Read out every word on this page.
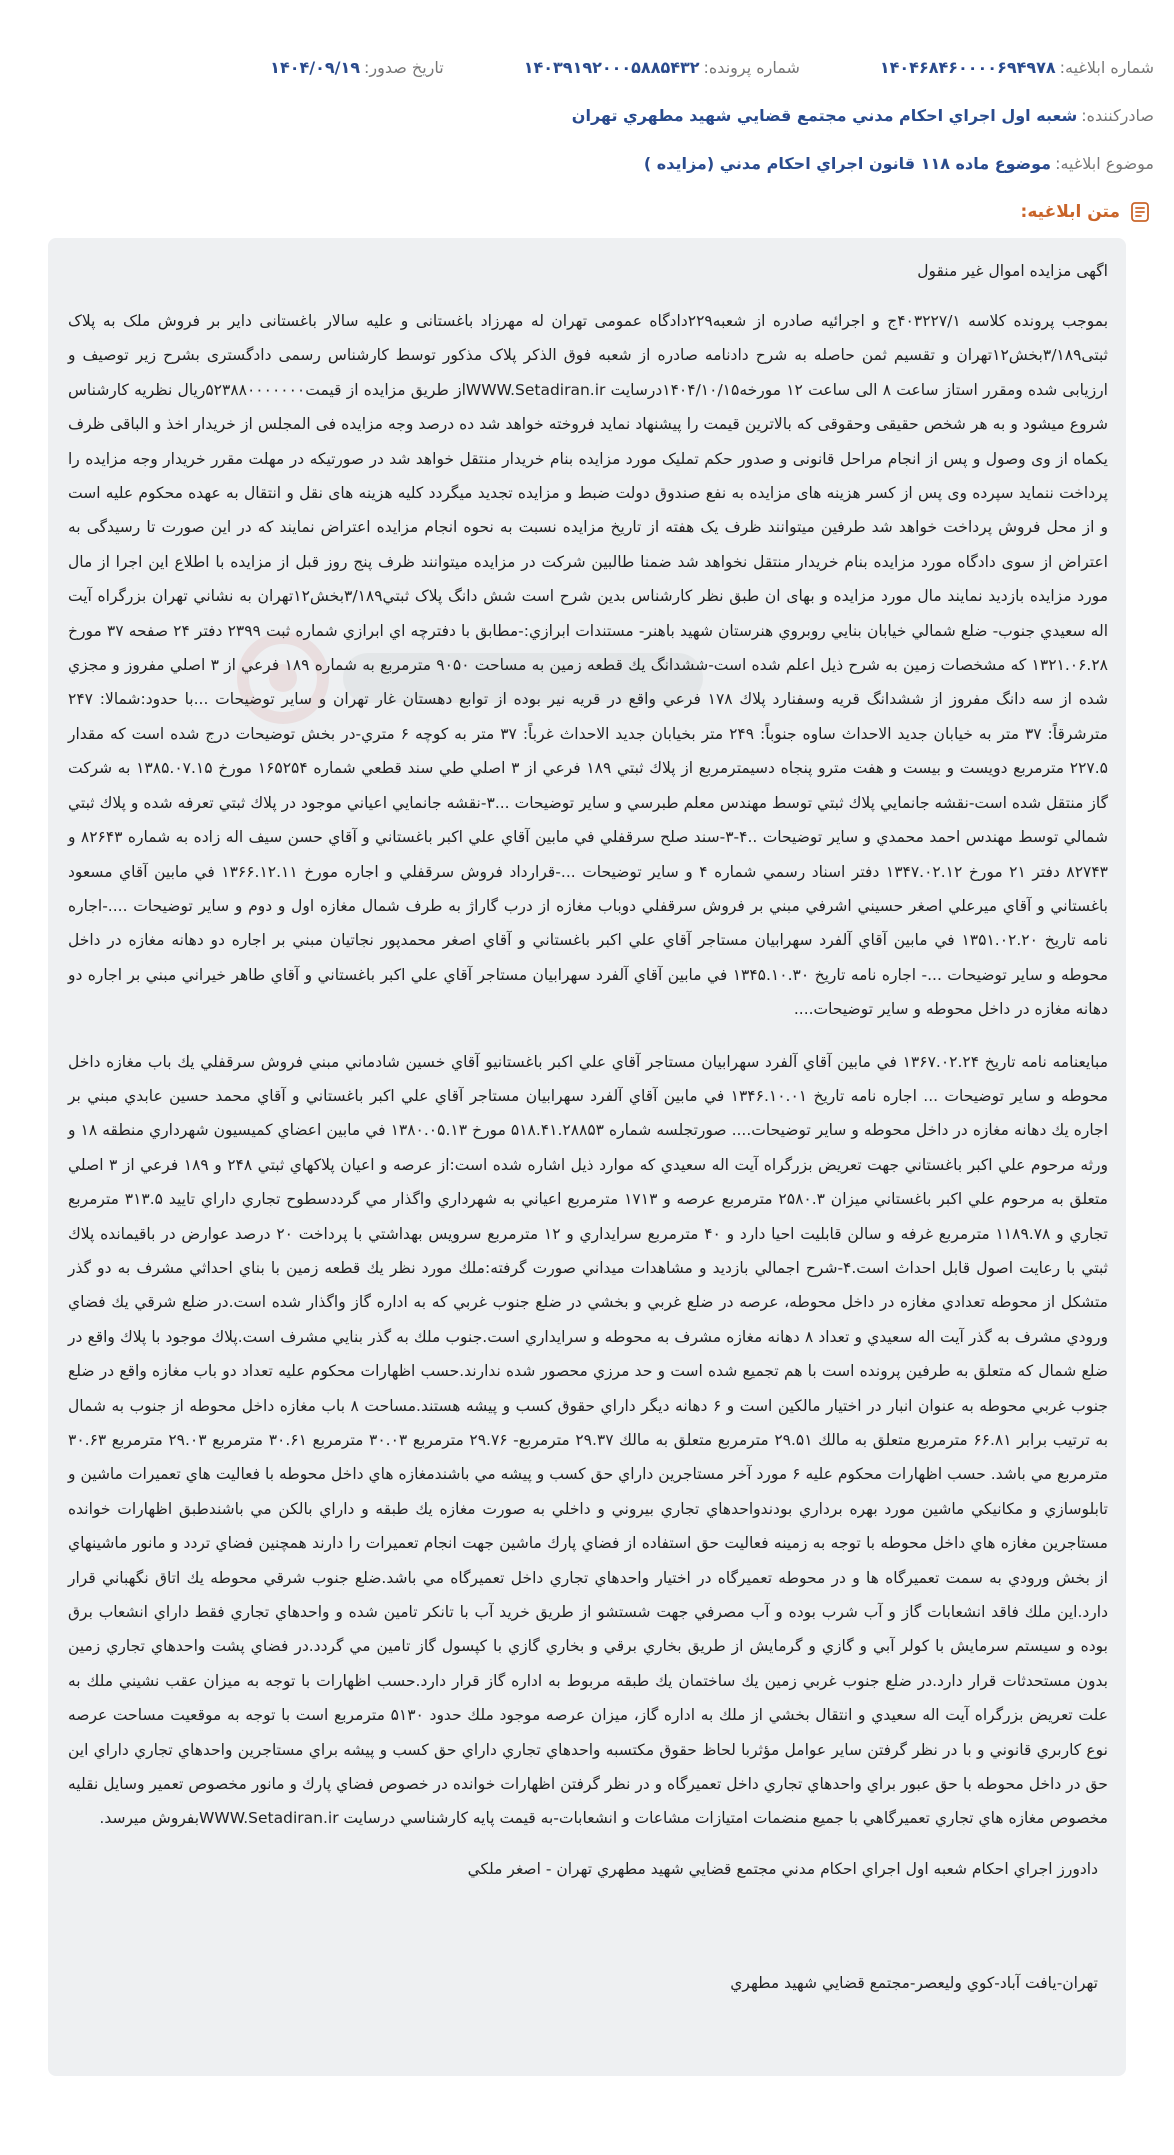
شماره ابلاغيه:
۱۴۰۴۶۸۴۶۰۰۰۰۶۹۴۹۷۸
شماره پرونده:
۱۴۰۳۹۱۹۲۰۰۰۵۸۸۵۴۳۲
تاريخ صدور:
۱۴۰۴/۰۹/۱۹
صادرکننده:
شعبه اول اجراي احكام مدني مجتمع قضايي شهيد مطهري تهران
موضوع ابلاغيه:
موضوع ماده ۱۱۸ قانون اجراي احكام مدني (مزايده )
متن ابلاغيه:

اگهی مزایده اموال غیر منقول

بموجب پرونده کلاسه ۴۰۳۲۲۷/۱ج و اجرائیه صادره از شعبه۲۲۹دادگاه عمومی تهران له مهرزاد باغستانی و علیه سالار باغستانی دایر بر فروش ملک به پلاک ثبتی۳/۱۸۹بخش۱۲تهران و تقسیم ثمن حاصله به شرح دادنامه صادره از شعبه فوق الذکر پلاک مذکور توسط کارشناس رسمی دادگستری بشرح زیر توصیف و ارزیابی شده ومقرر استاز ساعت ۸ الی ساعت ۱۲ مورخه۱۴۰۴/۱۰/۱۵درسایت WWW.Setadiran.irاز طریق مزایده از قیمت۵۲۳۸۸۰۰۰۰۰۰۰ریال نظریه کارشناس شروع میشود و به هر شخص حقیقی وحقوقی که بالاترین قیمت را پیشنهاد نماید فروخته خواهد شد ده درصد وجه مزایده فی المجلس از خریدار اخذ و الباقی ظرف یکماه از وی وصول و پس از انجام مراحل قانونی و صدور حکم تملیک مورد مزایده بنام خریدار منتقل خواهد شد در صورتیکه در مهلت مقرر خریدار وجه مزایده را پرداخت ننماید سپرده وی پس از کسر هزینه های مزایده به نفع صندوق دولت ضبط و مزایده تجدید میگردد کلیه هزینه های نقل و انتقال به عهده محکوم علیه است و از محل فروش پرداخت خواهد شد طرفین میتوانند ظرف یک هفته از تاریخ مزایده نسبت به نحوه انجام مزایده اعتراض نمایند که در این صورت تا رسیدگی به اعتراض از سوی دادگاه مورد مزایده بنام خریدار منتقل نخواهد شد ضمنا طالبین شرکت در مزایده میتوانند ظرف پنج روز قبل از مزایده با اطلاع این اجرا از مال مورد مزایده بازدید نمایند مال مورد مزایده و بهای ان طبق نظر کارشناس بدین شرح است شش دانگ پلاک ثبتي۳/۱۸۹بخش۱۲تهران به نشاني تهران بزرگراه آيت اله سعيدي جنوب- ضلع شمالي خيابان بنايي روبروي هنرستان شهيد باهنر- مستندات ابرازي:-مطابق با دفترچه اي ابرازي شماره ثبت ۲۳۹۹ دفتر ۲۴ صفحه ۳۷ مورخ ۱۳۲۱.۰۶.۲۸ كه مشخصات زمين به شرح ذيل اعلم شده است-ششدانگ يك قطعه زمين به مساحت ۹۰۵۰ مترمربع به شماره ۱۸۹ فرعي از ۳ اصلي مفروز و مجزي شده از سه دانگ مفروز از ششدانگ قريه وسفنارد پلاك ۱۷۸ فرعي واقع در قريه نير بوده از توابع دهستان غار تهران و ساير توضيحات ...با حدود:شمالا: ۲۴۷ مترشرقاً: ۳۷ متر به خيابان جديد الاحداث ساوه جنوباً: ۲۴۹ متر بخيابان جديد الاحداث غرباً: ۳۷ متر به كوچه ۶ متري-در بخش توضيحات درج شده است كه مقدار ۲۲۷.۵ مترمربع دويست و بيست و هفت مترو پنجاه دسيمترمربع از پلاك ثبتي ۱۸۹ فرعي از ۳ اصلي طي سند قطعي شماره ۱۶۵۲۵۴ مورخ ۱۳۸۵.۰۷.۱۵ به شركت گاز منتقل شده است-نقشه جانمايي پلاك ثبتي توسط مهندس معلم طبرسي و ساير توضيحات ...۳-نقشه جانمايي اعياني موجود در پلاك ثبتي تعرفه شده و پلاك ثبتي شمالي توسط مهندس احمد محمدي و ساير توضيحات ..۴-۳-سند صلح سرقفلي في مابين آقاي علي اكبر باغستاني و آقاي حسن سيف اله زاده به شماره ۸۲۶۴۳ و ۸۲۷۴۳ دفتر ۲۱ مورخ ۱۳۴۷.۰۲.۱۲ دفتر اسناد رسمي شماره ۴ و ساير توضيحات ...-قرارداد فروش سرقفلي و اجاره مورخ ۱۳۶۶.۱۲.۱۱ في مابين آقاي مسعود باغستاني و آقاي ميرعلي اصغر حسيني اشرفي مبني بر فروش سرقفلي دوباب مغازه از درب گاراژ به طرف شمال مغازه اول و دوم و ساير توضيحات ....-اجاره نامه تاريخ ۱۳۵۱.۰۲.۲۰ في مابين آقاي آلفرد سهرابيان مستاجر آقاي علي اكبر باغستاني و آقاي اصغر محمدپور نجاتيان مبني بر اجاره دو دهانه مغازه در داخل محوطه و ساير توضيحات ...- اجاره نامه تاريخ ۱۳۴۵.۱۰.۳۰ في مابين آقاي آلفرد سهرابيان مستاجر آقاي علي اكبر باغستاني و آقاي طاهر خيراني مبني بر اجاره دو دهانه مغازه در داخل محوطه و ساير توضيحات....

مبايعنامه نامه تاريخ ۱۳۶۷.۰۲.۲۴ في مابين آقاي آلفرد سهرابيان مستاجر آقاي علي اكبر باغستانيو آقاي خسين شادماني مبني فروش سرقفلي يك باب مغازه داخل محوطه و ساير توضيحات ... اجاره نامه تاريخ ۱۳۴۶.۱۰.۰۱ في مابين آقاي آلفرد سهرابيان مستاجر آقاي علي اكبر باغستاني و آقاي محمد حسين عابدي مبني بر اجاره يك دهانه مغازه در داخل محوطه و ساير توضيحات.... صورتجلسه شماره ۵۱۸.۴۱.۲۸۸۵۳ مورخ ۱۳۸۰.۰۵.۱۳ في مابين اعضاي كميسيون شهرداري منطقه ۱۸ و ورثه مرحوم علي اكبر باغستاني جهت تعريض بزرگراه آيت اله سعيدي كه موارد ذيل اشاره شده است:از عرصه و اعيان پلاكهاي ثبتي ۲۴۸ و ۱۸۹ فرعي از ۳ اصلي متعلق به مرحوم علي اكبر باغستاني ميزان ۲۵۸۰.۳ مترمربع عرصه و ۱۷۱۳ مترمربع اعياني به شهرداري واگذار مي گرددسطوح تجاري داراي تاييد ۳۱۳.۵ مترمربع تجاري و ۱۱۸۹.۷۸ مترمربع غرفه و سالن قابليت احيا دارد و ۴۰ مترمربع سرايداري و ۱۲ مترمربع سرويس بهداشتي با پرداخت ۲۰ درصد عوارض در باقيمانده پلاك ثبتي با رعايت اصول قابل احداث است.۴-شرح اجمالي بازديد و مشاهدات ميداني صورت گرفته:ملك مورد نظر يك قطعه زمين با بناي احداثي مشرف به دو گذر متشكل از محوطه تعدادي مغازه در داخل محوطه، عرصه در ضلع غربي و بخشي در ضلع جنوب غربي كه به اداره گاز واگذار شده است.در ضلع شرقي يك فضاي ورودي مشرف به گذر آيت اله سعيدي و تعداد ۸ دهانه مغازه مشرف به محوطه و سرايداري است.جنوب ملك به گذر بنايي مشرف است.پلاك موجود با پلاك واقع در ضلع شمال كه متعلق به طرفين پرونده است با هم تجميع شده است و حد مرزي محصور شده ندارند.حسب اظهارات محكوم عليه تعداد دو باب مغازه واقع در ضلع جنوب غربي محوطه به عنوان انبار در اختيار مالكين است و ۶ دهانه ديگر داراي حقوق كسب و پيشه هستند.مساحت ۸ باب مغازه داخل محوطه از جنوب به شمال به ترتيب برابر ۶۶.۸۱ مترمربع متعلق به مالك ۲۹.۵۱ مترمربع متعلق به مالك ۲۹.۳۷ مترمربع- ۲۹.۷۶ مترمربع ۳۰.۰۳ مترمربع ۳۰.۶۱ مترمربع ۲۹.۰۳ مترمربع ۳۰.۶۳ مترمربع مي باشد. حسب اظهارات محكوم عليه ۶ مورد آخر مستاجرين داراي حق كسب و پيشه مي باشندمغازه هاي داخل محوطه با فعاليت هاي تعميرات ماشين و تابلوسازي و مكانيكي ماشين مورد بهره برداري بودندواحدهاي تجاري بيروني و داخلي به صورت مغازه يك طبقه و داراي بالكن مي باشندطبق اظهارات خوانده مستاجرين مغازه هاي داخل محوطه با توجه به زمينه فعاليت حق استفاده از فضاي پارك ماشين جهت انجام تعميرات را دارند همچنين فضاي تردد و مانور ماشينهاي از بخش ورودي به سمت تعميرگاه ها و در محوطه تعميرگاه در اختيار واحدهاي تجاري داخل تعميرگاه مي باشد.ضلع جنوب شرقي محوطه يك اتاق نگهباني قرار دارد.اين ملك فاقد انشعابات گاز و آب شرب بوده و آب مصرفي جهت شستشو از طريق خريد آب با تانكر تامين شده و واحدهاي تجاري فقط داراي انشعاب برق بوده و سيستم سرمايش با كولر آبي و گازي و گرمايش از طريق بخاري برقي و بخاري گازي با كپسول گاز تامين مي گردد.در فضاي پشت واحدهاي تجاري زمين بدون مستحدثات قرار دارد.در ضلع جنوب غربي زمين يك ساختمان يك طبقه مربوط به اداره گاز قرار دارد.حسب اظهارات با توجه به ميزان عقب نشيني ملك به علت تعريض بزرگراه آيت اله سعيدي و انتقال بخشي از ملك به اداره گاز، ميزان عرصه موجود ملك حدود ۵۱۳۰ مترمربع است با توجه به موقعيت مساحت عرصه نوع كاربري قانوني و با در نظر گرفتن ساير عوامل مؤثربا لحاظ حقوق مكتسبه واحدهاي تجاري داراي حق كسب و پيشه براي مستاجرين واحدهاي تجاري داراي اين حق در داخل محوطه با حق عبور براي واحدهاي تجاري داخل تعميرگاه و در نظر گرفتن اظهارات خوانده در خصوص فضاي پارك و مانور مخصوص تعمير وسايل نقليه مخصوص مغازه هاي تجاري تعميرگاهي با جميع منضمات امتيازات مشاعات و انشعابات-به قيمت پايه كارشناسي درسايت WWW.Setadiran.irبفروش ميرسد.

دادورز اجراي احكام شعبه اول اجراي احكام مدني مجتمع قضايي شهيد مطهري تهران - اصغر ملكي

تهران-يافت آباد-كوي وليعصر-مجتمع قضايي شهيد مطهري
